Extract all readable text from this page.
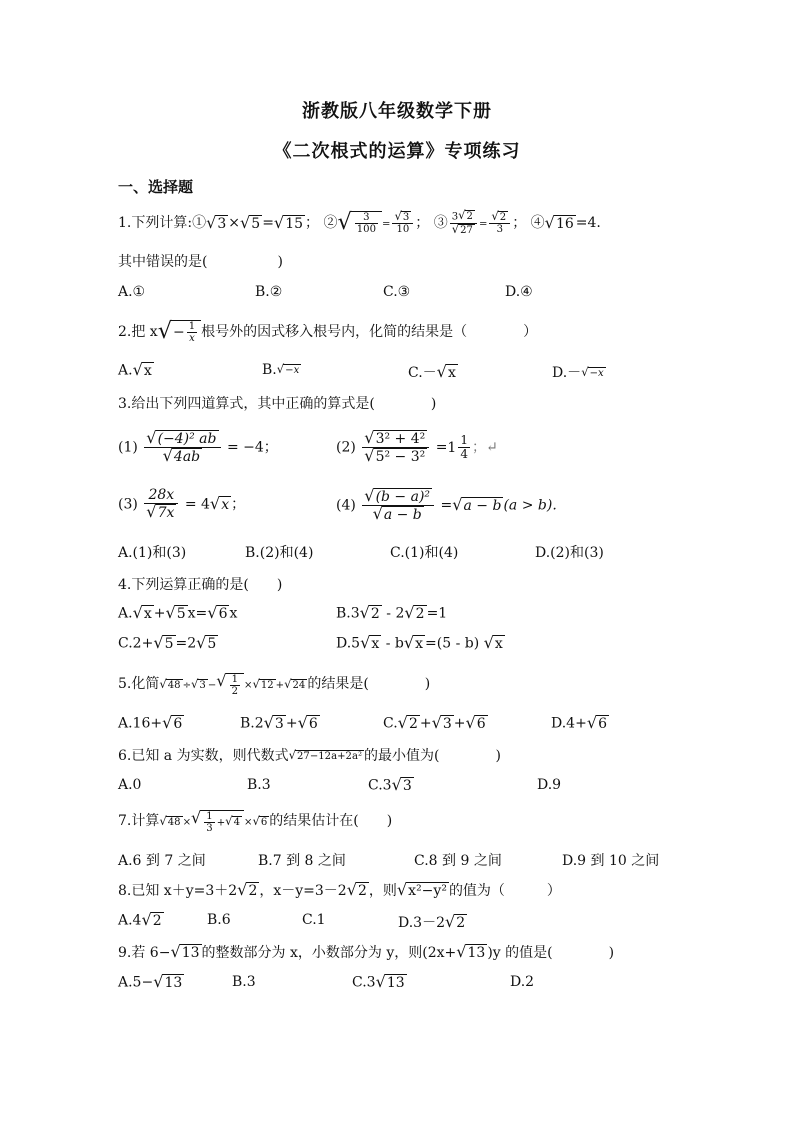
浙教版八年级数学下册
《二次根式的运算》专项练习
一、选择题
1.下列计算:① √ 3 × √ 5 = √ 15 ； ② √ $\frac{3}{100} = \frac{√ 3}{10}$ ； ③ $\frac{3 √ 2}{√ 27} = \frac{√ 2}{3}$ ； ④ √ 16 =4.
其中错误的是(　　　　　)
A.①	B.②	C.③	D.④
2.把 x √ − $\frac{1}{x}$ 根号外的因式移入根号内，化简的结果是（　　　　）
A. √ x	B. √ −x	C.－ √ x	D.－ √ −x
3.给出下列四道算式，其中正确的算式是(　　　　)
$(1) \frac{\text{√ (−4)² ab}}{√ 4ab} = -4$；	$(2) \frac{\text{√ 3² + 4²}}{\text{√ 5² − 3²}} = 1 \frac{1}{4}$ ；↵
$(3) \frac{28x}{√ 7x} = 4$ √ x ；	$(4) \frac{\text{√ (b − a)²}}{√ a - b}$ = √ a − b (a > b).
A.(1)和(3)	B.(2)和(4)	C.(1)和(4)	D.(2)和(3)
4.下列运算正确的是(　　)
A. √ x + √ 5 x= √ 6 x	B.3 √ 2 - 2 √ 2 =1
C.2+ √ 5 =2 √ 5	D.5 √ x - b √ x =(5 - b) √ x
5.化简 √ 48 ÷ √ 3 − √ $\frac{1}{2}$ × √ 12 + √ 24 的结果是(　　　　)
A.16+ √ 6	B.2 √ 3 + √ 6	C. √ 2 + √ 3 + √ 6	D.4+ √ 6
6.已知 a 为实数，则代数式 √ 27−12a+2a² 的最小值为(　　　　)
A.0	B.3	C.3 √ 3	D.9
7.计算 √ 48 × √ $\frac{1}{3}$ + √ 4 × √ 6 的结果估计在(　　)
A.6 到 7 之间	B.7 到 8 之间	C.8 到 9 之间	D.9 到 10 之间
8.已知 x＋y=3＋2 √ 2 ，x－y=3－2 √ 2 ，则 √ x²−y² 的值为（　　　）
A.4 √ 2	B.6	C.1	D.3－2 √ 2
9.若 6− √ 13 的整数部分为 x，小数部分为 y，则(2x+ √ 13 )y 的值是(　　　　)
A.5− √ 13	B.3	C.3 √ 13	D.2
